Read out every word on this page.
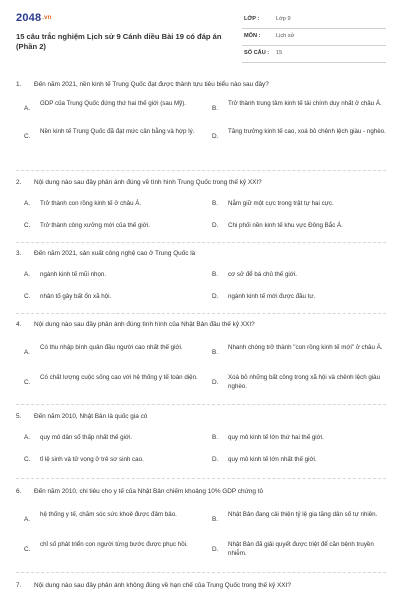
2048.vn
15 câu trắc nghiệm Lịch sử 9 Cánh diều Bài 19 có đáp án (Phần 2)
LỚP :	Lớp 9
MÔN :	Lịch sử
SỐ CÂU : 15
1. Đến năm 2021, nền kinh tế Trung Quốc đạt được thành tựu tiêu biểu nào sau đây?
A.
GDP của Trung Quốc đứng thứ hai thế giới (sau Mỹ).
B.
Trở thành trung tâm kinh tế tài chính duy nhất ở châu Á.
C.
Nền kinh tế Trung Quốc đã đạt mức cân bằng và hợp lý.
D.
Tăng trưởng kinh tế cao, xoá bỏ chênh lệch giàu - nghèo.
2. Nội dung nào sau đây phản ánh đúng về tình hình Trung Quốc trong thế kỷ XXI?
A. Trở thành con rồng kinh tế ở châu Á.	B. Nắm giữ một cực trong trật tự hai cực.
C. Trở thành công xưởng mới của thế giới.	D. Chi phối nền kinh tế khu vực Đông Bắc Á.
3. Đến năm 2021, sản xuất công nghệ cao ở Trung Quốc là
A. ngành kinh tế mũi nhọn.	B. cơ sở để bá chủ thế giới.
C. nhân tố gây bất ổn xã hội.	D. ngành kinh tế mới được đầu tư.
4. Nội dung nào sau đây phản ánh đúng tình hình của Nhật Bản đầu thế kỷ XXI?
A.
Có thu nhập bình quân đầu người cao nhất thế giới.
B.
Nhanh chóng trở thành "con rồng kinh tế mới" ở châu Á.
C.
Có chất lượng cuộc sống cao với hệ thống y tế toàn diện.
D.
Xoá bỏ những bất công trong xã hội và chênh lệch giàu nghèo.
5. Đến năm 2010, Nhật Bản là quốc gia có
A. quy mô dân số thấp nhất thế giới.	B. quy mô kinh tế lớn thứ hai thế giới.
C. tỉ lệ sinh và tử vong ở trẻ sơ sinh cao.	D. quy mô kinh tế lớn nhất thế giới.
6. Đến năm 2010, chi tiêu cho y tế của Nhật Bản chiếm khoảng 10% GDP chứng tỏ
A.
hệ thống y tế, chăm sóc sức khoẻ được đảm bảo.
B.
Nhật Bản đang cải thiện tỷ lệ gia tăng dân số tự nhiên.
C.
chỉ số phát triển con người từng bước được phục hồi.
D.
Nhật Bản đã giải quyết được triệt để căn bệnh truyền nhiễm.
7. Nội dung nào sau đây phản ánh không đúng về hạn chế của Trung Quốc trong thế kỷ XXI?
